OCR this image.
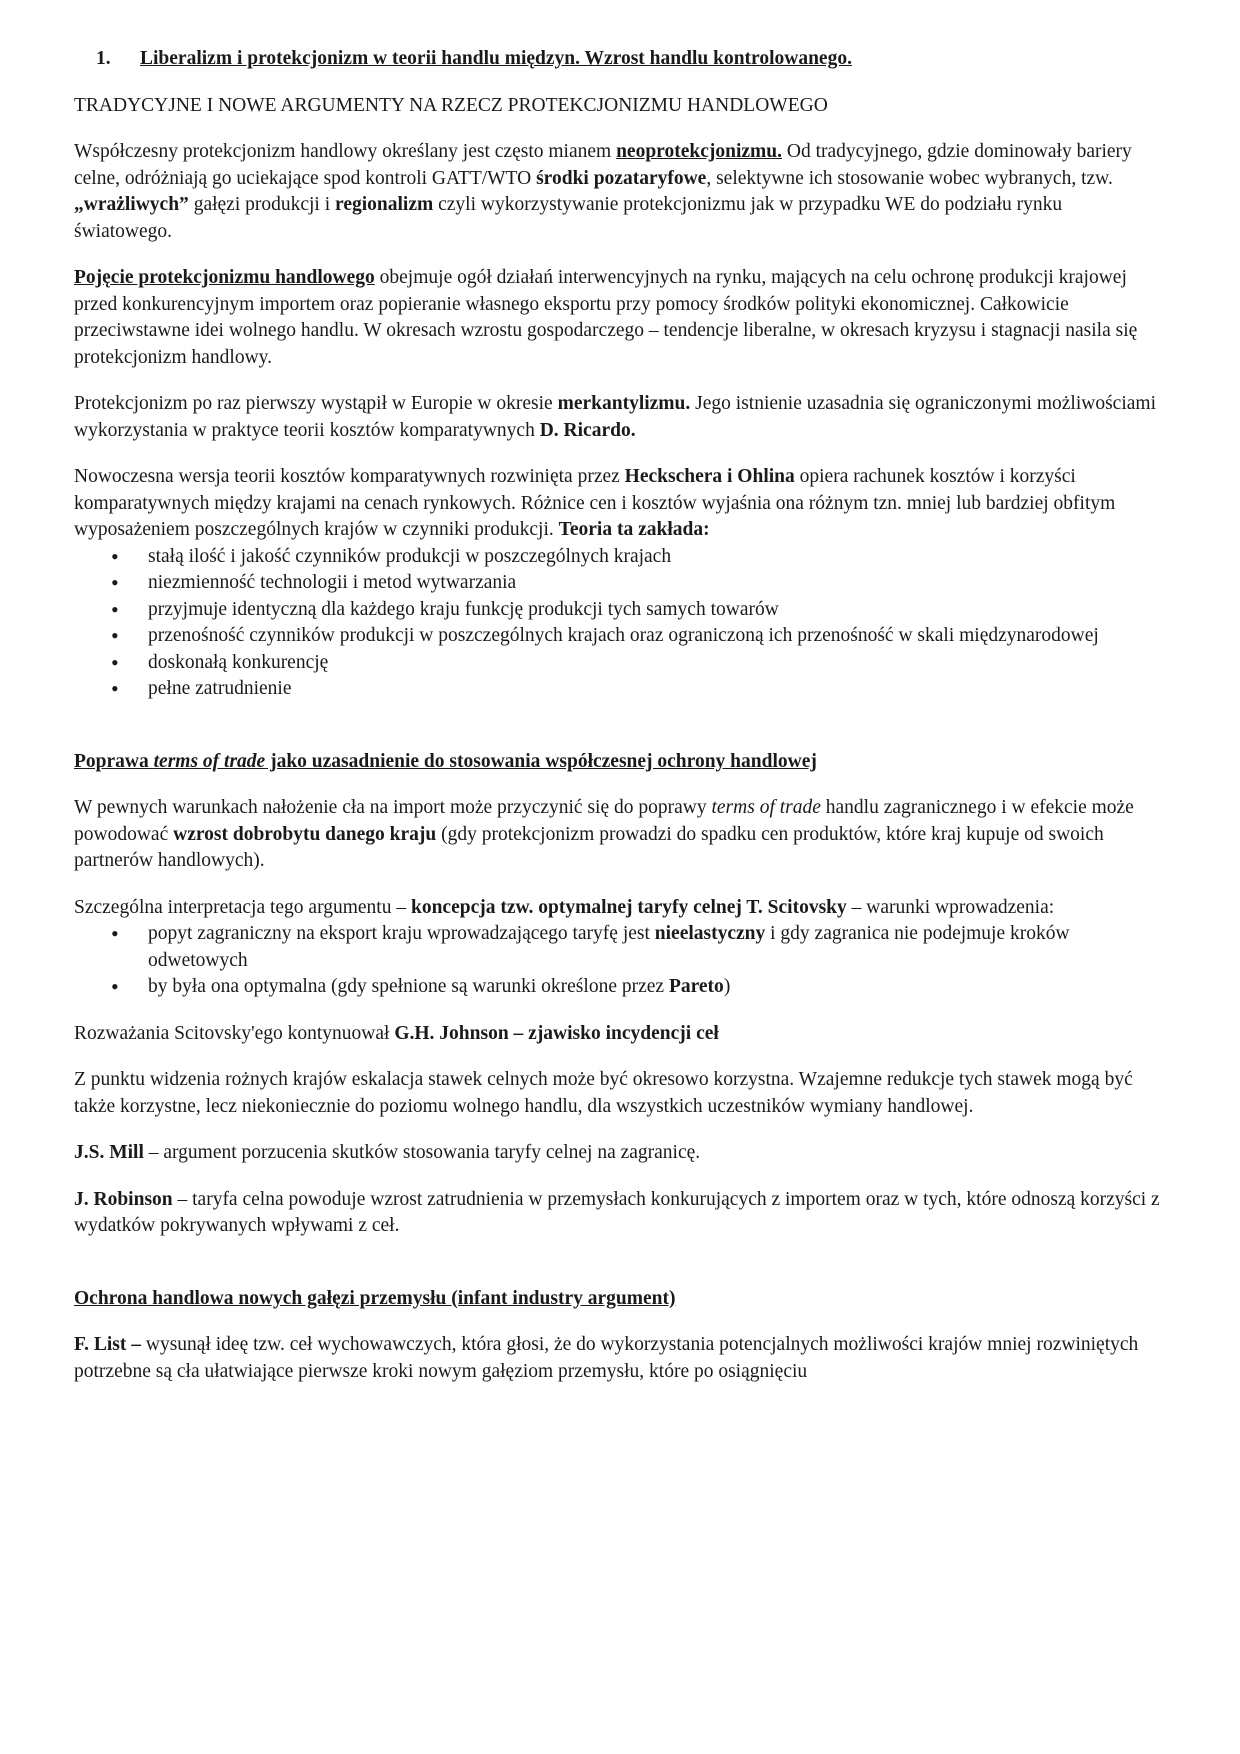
1. Liberalizm i protekcjonizm w teorii handlu międzyn. Wzrost handlu kontrolowanego.

TRADYCYJNE I NOWE ARGUMENTY NA RZECZ PROTEKCJONIZMU HANDLOWEGO

Współczesny protekcjonizm handlowy określany jest często mianem neoprotekcjonizmu. Od tradycyjnego, gdzie dominowały bariery celne, odróżniają go uciekające spod kontroli GATT/WTO środki pozataryfowe, selektywne ich stosowanie wobec wybranych, tzw. „wrażliwych” gałęzi produkcji i regionalizm czyli wykorzystywanie protekcjonizmu jak w przypadku WE do podziału rynku światowego.

Pojęcie protekcjonizmu handlowego obejmuje ogół działań interwencyjnych na rynku, mających na celu ochronę produkcji krajowej przed konkurencyjnym importem oraz popieranie własnego eksportu przy pomocy środków polityki ekonomicznej. Całkowicie przeciwstawne idei wolnego handlu. W okresach wzrostu gospodarczego – tendencje liberalne, w okresach kryzysu i stagnacji nasila się protekcjonizm handlowy.

Protekcjonizm po raz pierwszy wystąpił w Europie w okresie merkantylizmu. Jego istnienie uzasadnia się ograniczonymi możliwościami wykorzystania w praktyce teorii kosztów komparatywnych D. Ricardo.

Nowoczesna wersja teorii kosztów komparatywnych rozwinięta przez Heckschera i Ohlina opiera rachunek kosztów i korzyści komparatywnych między krajami na cenach rynkowych. Różnice cen i kosztów wyjaśnia ona różnym tzn. mniej lub bardziej obfitym wyposażeniem poszczególnych krajów w czynniki produkcji. Teoria ta zakłada:

• stałą ilość i jakość czynników produkcji w poszczególnych krajach
• niezmienność technologii i metod wytwarzania
• przyjmuje identyczną dla każdego kraju funkcję produkcji tych samych towarów
• przenośność czynników produkcji w poszczególnych krajach oraz ograniczoną ich przenośność w skali międzynarodowej
• doskonałą konkurencję
• pełne zatrudnienie

Poprawa terms of trade jako uzasadnienie do stosowania współczesnej ochrony handlowej

W pewnych warunkach nałożenie cła na import może przyczynić się do poprawy terms of trade handlu zagranicznego i w efekcie może powodować wzrost dobrobytu danego kraju (gdy protekcjonizm prowadzi do spadku cen produktów, które kraj kupuje od swoich partnerów handlowych).

Szczególna interpretacja tego argumentu – koncepcja tzw. optymalnej taryfy celnej T. Scitovsky – warunki wprowadzenia:

• popyt zagraniczny na eksport kraju wprowadzającego taryfę jest nieelastyczny i gdy zagranica nie podejmuje kroków odwetowych
• by była ona optymalna (gdy spełnione są warunki określone przez Pareto)

Rozważania Scitovsky'ego kontynuował G.H. Johnson – zjawisko incydencji ceł

Z punktu widzenia rożnych krajów eskalacja stawek celnych może być okresowo korzystna. Wzajemne redukcje tych stawek mogą być także korzystne, lecz niekoniecznie do poziomu wolnego handlu, dla wszystkich uczestników wymiany handlowej.

J.S. Mill – argument porzucenia skutków stosowania taryfy celnej na zagranicę.

J. Robinson – taryfa celna powoduje wzrost zatrudnienia w przemysłach konkurujących z importem oraz w tych, które odnoszą korzyści z wydatków pokrywanych wpływami z ceł.

Ochrona handlowa nowych gałęzi przemysłu (infant industry argument)

F. List – wysunął ideę tzw. ceł wychowawczych, która głosi, że do wykorzystania potencjalnych możliwości krajów mniej rozwiniętych potrzebne są cła ułatwiające pierwsze kroki nowym gałęziom przemysłu, które po osiągnięciu
